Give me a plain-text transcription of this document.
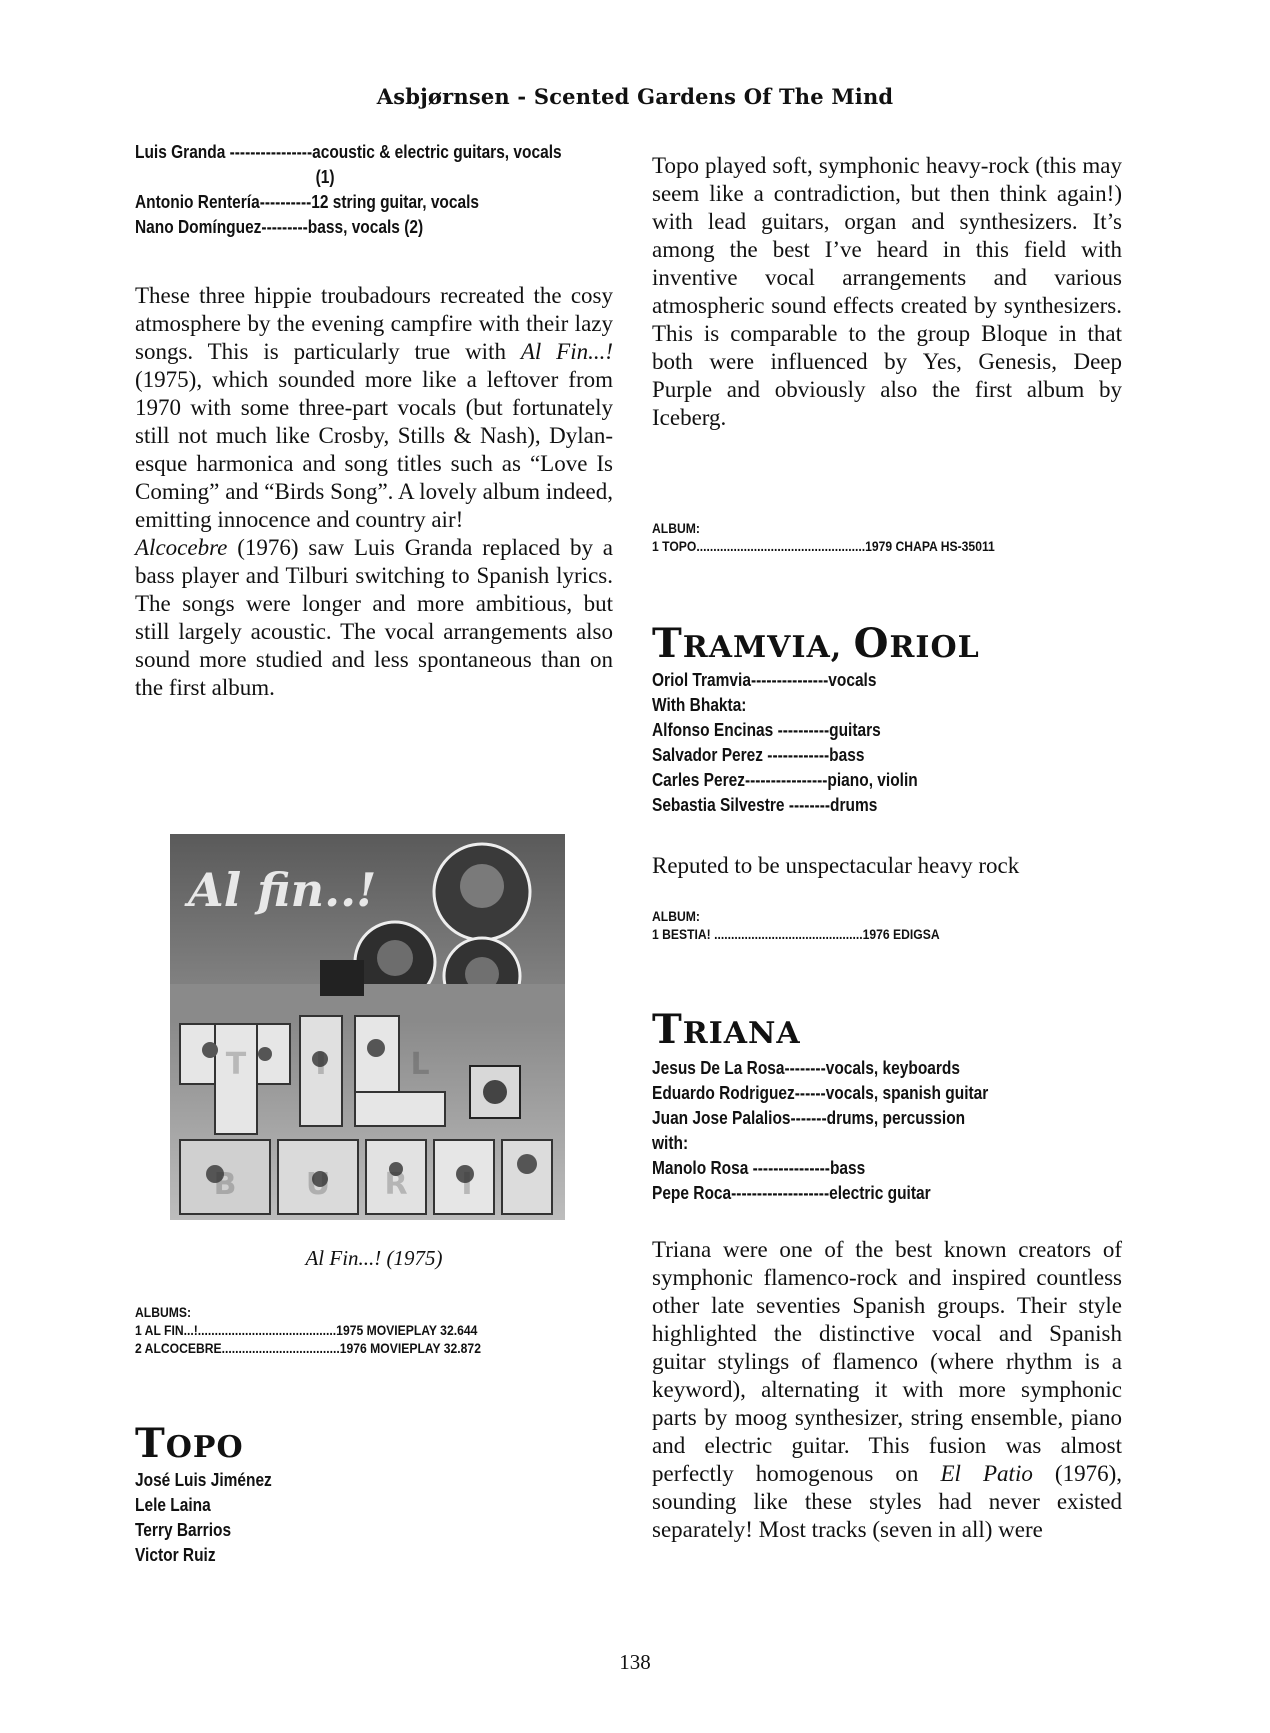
Asbjørnsen - Scented Gardens Of The Mind
Luis Granda ----------------acoustic & electric guitars, vocals
(1)
Antonio Rentería----------12 string guitar, vocals
Nano Domínguez---------bass, vocals (2)

These three hippie troubadours recreated the cosy atmosphere by the evening campfire with their lazy songs. This is particularly true with Al Fin...! (1975), which sounded more like a leftover from 1970 with some three-part vocals (but fortunately still not much like Crosby, Stills & Nash), Dylan-esque harmonica and song titles such as “Love Is Coming” and “Birds Song”. A lovely album indeed, emitting innocence and country air!

Alcocebre (1976) saw Luis Granda replaced by a bass player and Tilburi switching to Spanish lyrics. The songs were longer and more ambitious, but still largely acoustic. The vocal arrangements also sound more studied and less spontaneous than on the first album.

Al fin..!
T I	L
B U R I
Al Fin...! (1975)
ALBUMS:
1 AL FIN...!.........................................1975 MOVIEPLAY 32.644
2 ALCOCEBRE...................................1976 MOVIEPLAY 32.872
TOPO
José Luis Jiménez
Lele Laina
Terry Barrios
Victor Ruiz

Topo played soft, symphonic heavy-rock (this may seem like a contradiction, but then think again!) with lead guitars, organ and synthesizers. It’s among the best I’ve heard in this field with inventive vocal arrangements and various atmospheric sound effects created by synthesizers. This is comparable to the group Bloque in that both were influenced by Yes, Genesis, Deep Purple and obviously also the first album by Iceberg.

ALBUM:
1 TOPO..................................................1979 CHAPA HS-35011
TRAMVIA, ORIOL
Oriol Tramvia---------------vocals
With Bhakta:
Alfonso Encinas ----------guitars
Salvador Perez ------------bass
Carles Perez----------------piano, violin
Sebastia Silvestre --------drums

Reputed to be unspectacular heavy rock

ALBUM:
1 BESTIA! ............................................1976 EDIGSA
TRIANA
Jesus De La Rosa--------vocals, keyboards
Eduardo Rodriguez------vocals, spanish guitar
Juan Jose Palalios-------drums, percussion
with:
Manolo Rosa ---------------bass
Pepe Roca-------------------electric guitar

Triana were one of the best known creators of symphonic flamenco-rock and inspired countless other late seventies Spanish groups. Their style highlighted the distinctive vocal and Spanish guitar stylings of flamenco (where rhythm is a keyword), alternating it with more symphonic parts by moog synthesizer, string ensemble, piano and electric guitar. This fusion was almost perfectly homogenous on El Patio (1976), sounding like these styles had never existed separately! Most tracks (seven in all) were

138
